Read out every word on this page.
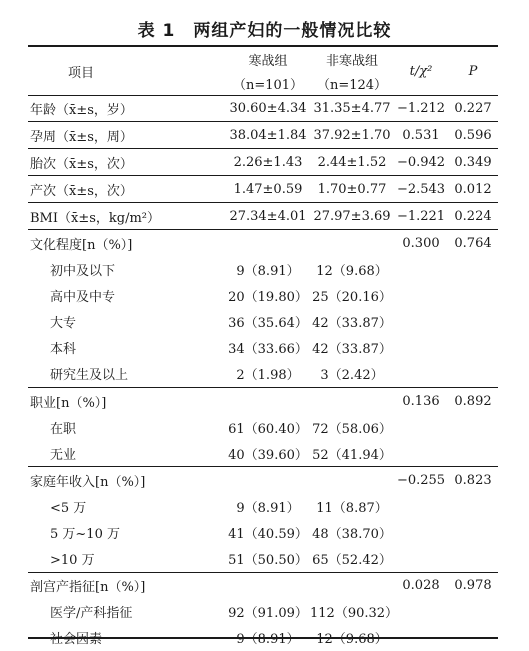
表 1　两组产妇的一般情况比较
项目	寒战组	非寒战组	t/χ²	P
	（n=101）	（n=124）		
年龄（x̄±s，岁）	30.60±4.34	31.35±4.77	−1.212	0.227
孕周（x̄±s，周）	38.04±1.84	37.92±1.70	0.531	0.596
胎次（x̄±s，次）	2.26±1.43	2.44±1.52	−0.942	0.349
产次（x̄±s，次）	1.47±0.59	1.70±0.77	−2.543	0.012
BMI（x̄±s，kg/m²）	27.34±4.01	27.97±3.69	−1.221	0.224
文化程度[n（%）]			0.300	0.764
初中及以下	9（8.91）	12（9.68）		
高中及中专	20（19.80）	25（20.16）		
大专	36（35.64）	42（33.87）		
本科	34（33.66）	42（33.87）		
研究生及以上	2（1.98）	3（2.42）		
职业[n（%）]			0.136	0.892
在职	61（60.40）	72（58.06）		
无业	40（39.60）	52（41.94）		
家庭年收入[n（%）]			−0.255	0.823
<5 万	9（8.91）	11（8.87）		
5 万~10 万	41（40.59）	48（38.70）		
>10 万	51（50.50）	65（52.42）		
剖宫产指征[n（%）]			0.028	0.978
医学/产科指征	92（91.09）	112（90.32）		
社会因素	9（8.91）	12（9.68）		
